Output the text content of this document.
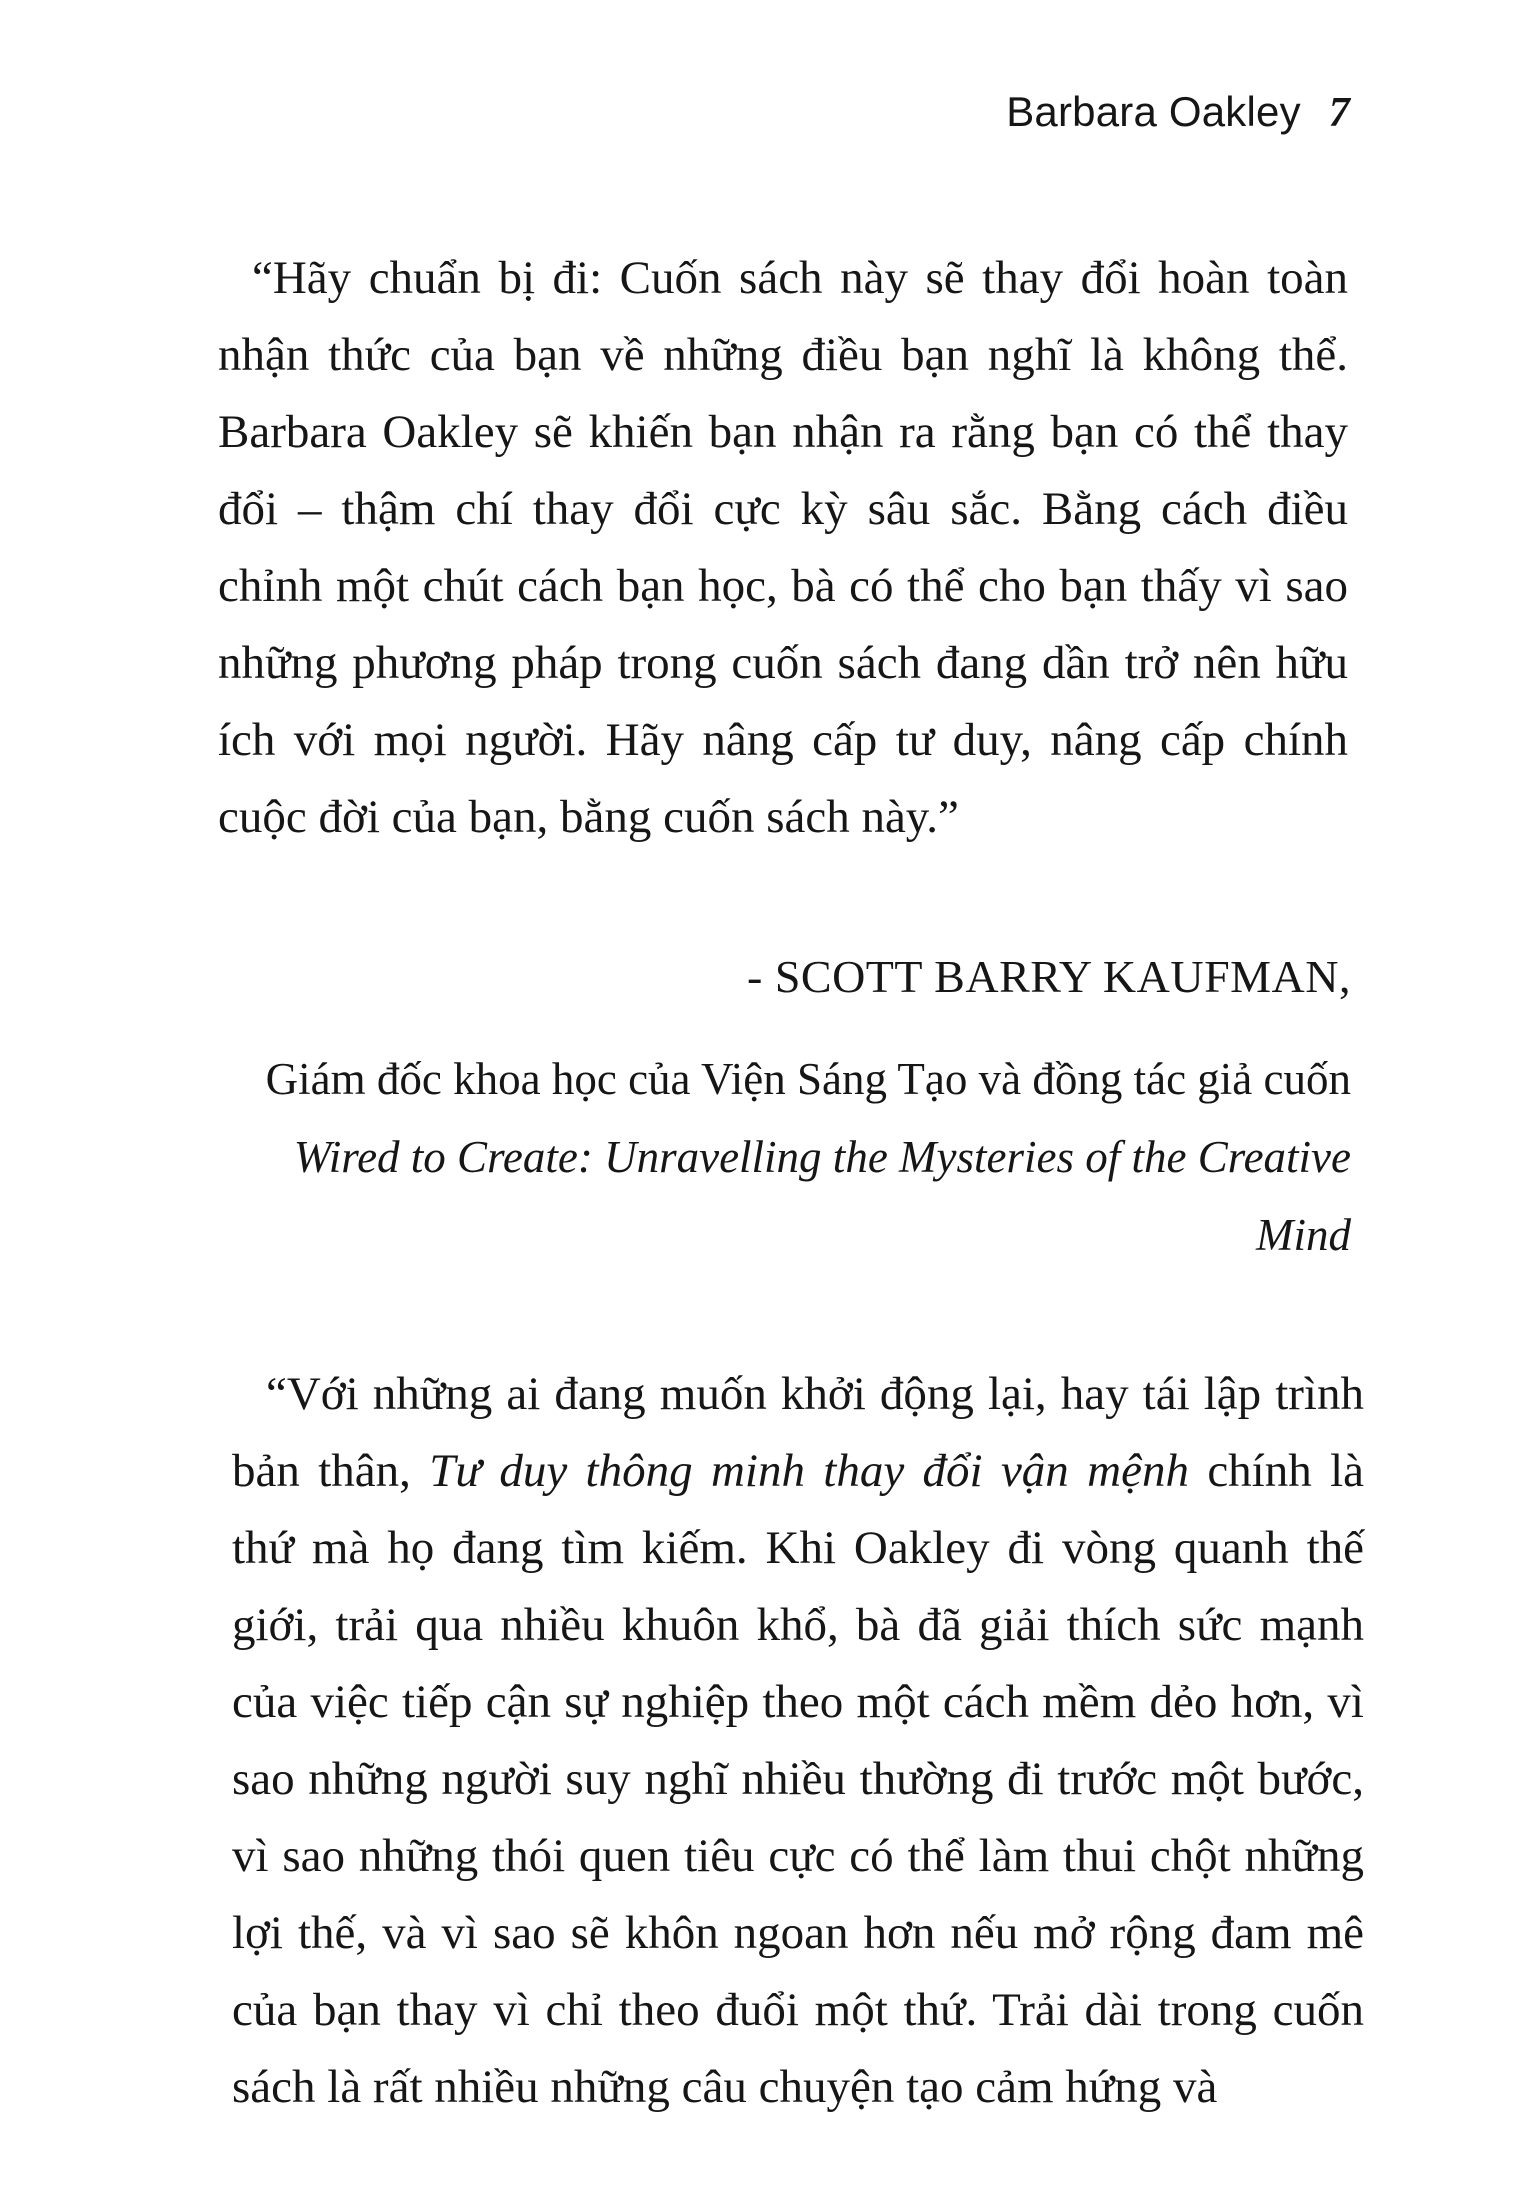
Barbara Oakley 7

“Hãy chuẩn bị đi: Cuốn sách này sẽ thay đổi hoàn toàn nhận thức của bạn về những điều bạn nghĩ là không thể. Barbara Oakley sẽ khiến bạn nhận ra rằng bạn có thể thay đổi – thậm chí thay đổi cực kỳ sâu sắc. Bằng cách điều chỉnh một chút cách bạn học, bà có thể cho bạn thấy vì sao những phương pháp trong cuốn sách đang dần trở nên hữu ích với mọi người. Hãy nâng cấp tư duy, nâng cấp chính cuộc đời của bạn, bằng cuốn sách này.”

- SCOTT BARRY KAUFMAN,
Giám đốc khoa học của Viện Sáng Tạo và đồng tác giả cuốn Wired to Create: Unravelling the Mysteries of the Creative Mind

“Với những ai đang muốn khởi động lại, hay tái lập trình bản thân, Tư duy thông minh thay đổi vận mệnh chính là thứ mà họ đang tìm kiếm. Khi Oakley đi vòng quanh thế giới, trải qua nhiều khuôn khổ, bà đã giải thích sức mạnh của việc tiếp cận sự nghiệp theo một cách mềm dẻo hơn, vì sao những người suy nghĩ nhiều thường đi trước một bước, vì sao những thói quen tiêu cực có thể làm thui chột những lợi thế, và vì sao sẽ khôn ngoan hơn nếu mở rộng đam mê của bạn thay vì chỉ theo đuổi một thứ. Trải dài trong cuốn sách là rất nhiều những câu chuyện tạo cảm hứng và
